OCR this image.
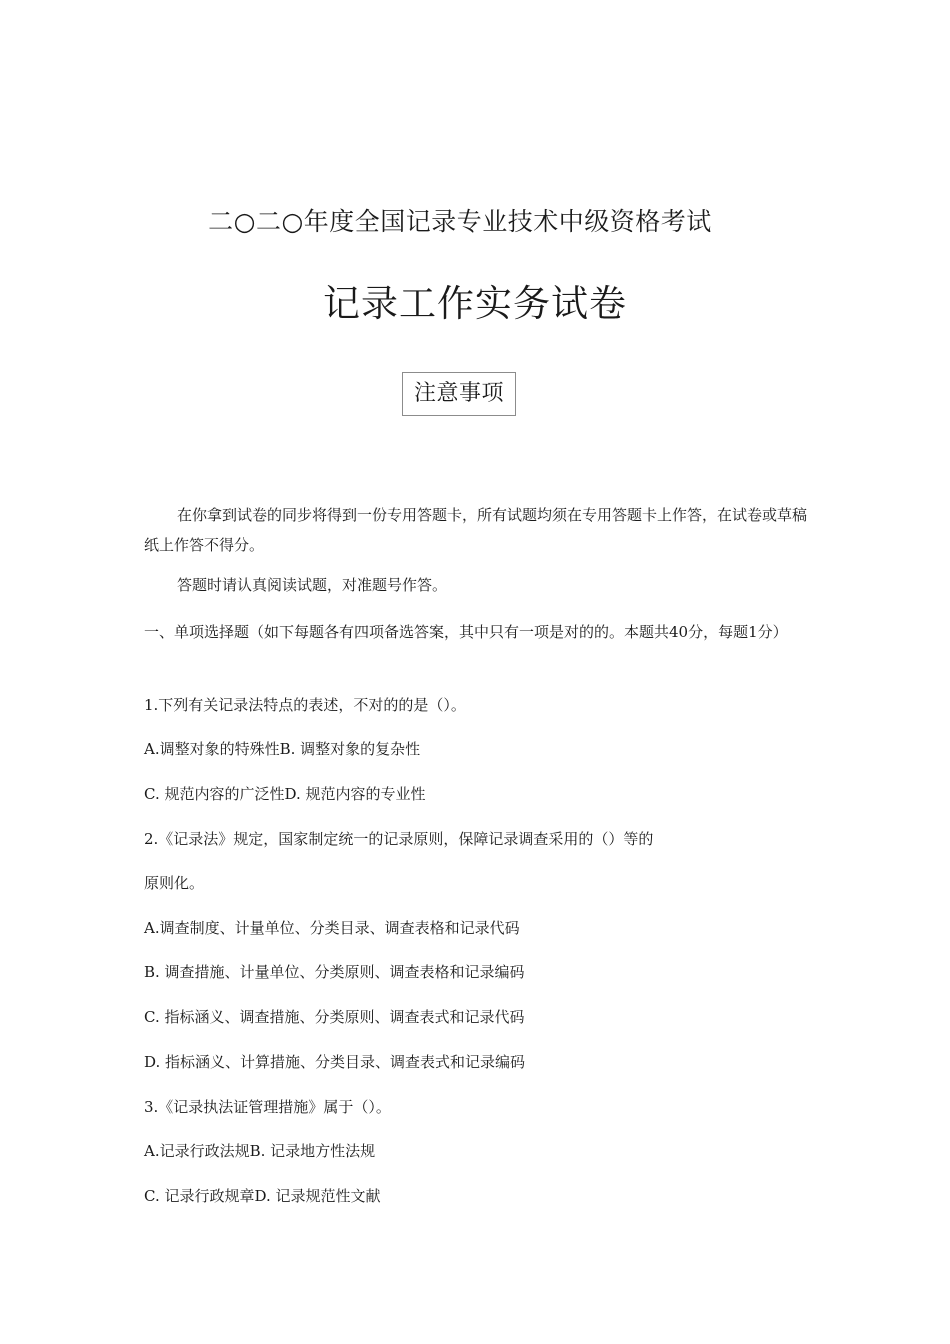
二○二○年度全国记录专业技术中级资格考试
记录工作实务试卷
注意事项

在你拿到试卷的同步将得到一份专用答题卡，所有试题均须在专用答题卡上作答，在试卷或草稿纸上作答不得分。

答题时请认真阅读试题，对准题号作答。

一、单项选择题（如下每题各有四项备选答案，其中只有一项是对的的。本题共40分，每题1分）

1.下列有关记录法特点的表述，不对的的是（）。
A.调整对象的特殊性B. 调整对象的复杂性
C. 规范内容的广泛性D. 规范内容的专业性
2.《记录法》规定，国家制定统一的记录原则，保障记录调查采用的（）等的
原则化。
A.调查制度、计量单位、分类目录、调查表格和记录代码
B. 调查措施、计量单位、分类原则、调查表格和记录编码
C. 指标涵义、调查措施、分类原则、调查表式和记录代码
D. 指标涵义、计算措施、分类目录、调查表式和记录编码
3.《记录执法证管理措施》属于（）。
A.记录行政法规B. 记录地方性法规
C. 记录行政规章D. 记录规范性文献
